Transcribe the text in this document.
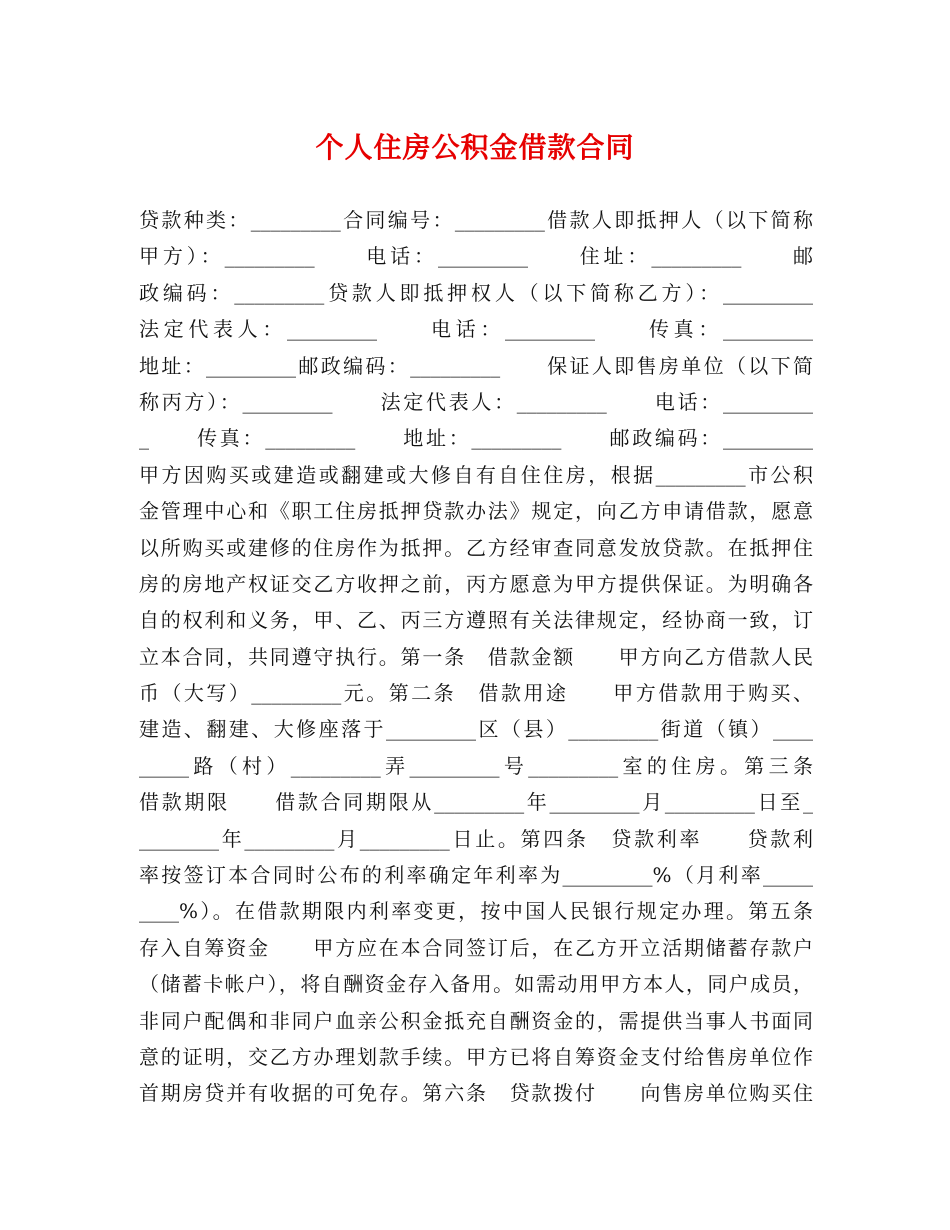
个人住房公积金借款合同
贷款种类：_________合同编号：_________借款人即抵押人（以下简称
甲方）：_________　　电话：_________　　住址：_________　　邮
政编码：_________贷款人即抵押权人（以下简称乙方）：_________
法定代表人：_________　　电话：_________　　传真：_________
地址：_________邮政编码：_________　　保证人即售房单位（以下简
称丙方）：_________　　法定代表人：_________　　电话：_________
_　　传真：_________　　地址：_________　　邮政编码：_________
甲方因购买或建造或翻建或大修自有自住住房，根据_________市公积
金管理中心和《职工住房抵押贷款办法》规定，向乙方申请借款，愿意
以所购买或建修的住房作为抵押。乙方经审查同意发放贷款。在抵押住
房的房地产权证交乙方收押之前，丙方愿意为甲方提供保证。为明确各
自的权利和义务，甲、乙、丙三方遵照有关法律规定，经协商一致，订
立本合同，共同遵守执行。第一条　借款金额　　甲方向乙方借款人民
币（大写）_________元。第二条　借款用途　　甲方借款用于购买、
建造、翻建、大修座落于_________区（县）_________街道（镇）____
_____路（村）_________弄_________号_________室的住房。第三条
借款期限　　借款合同期限从_________年_________月_________日至_
________年_________月_________日止。第四条　贷款利率　　贷款利
率按签订本合同时公布的利率确定年利率为_________%（月利率_____
____%）。在借款期限内利率变更，按中国人民银行规定办理。第五条
存入自筹资金　　甲方应在本合同签订后，在乙方开立活期储蓄存款户
（储蓄卡帐户），将自酬资金存入备用。如需动用甲方本人，同户成员，
非同户配偶和非同户血亲公积金抵充自酬资金的，需提供当事人书面同
意的证明，交乙方办理划款手续。甲方已将自筹资金支付给售房单位作
首期房贷并有收据的可免存。第六条　贷款拨付　　向售房单位购买住
